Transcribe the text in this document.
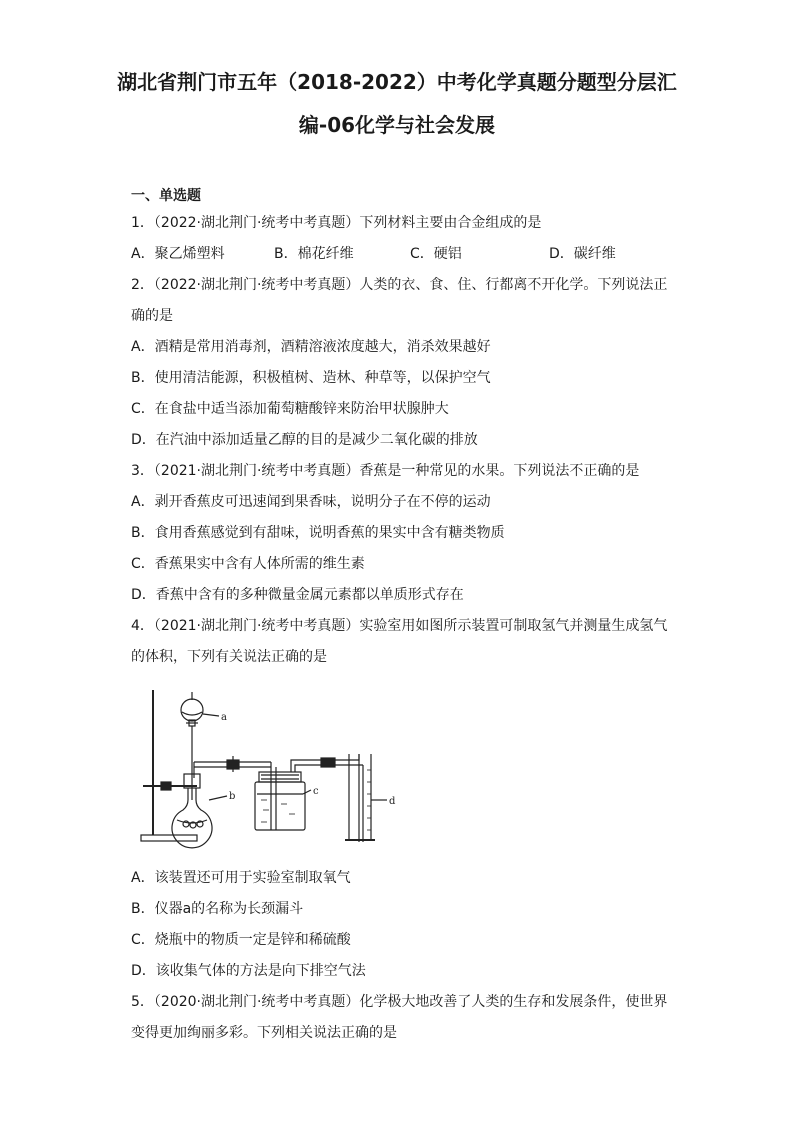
湖北省荆门市五年（2018-2022）中考化学真题分题型分层汇
编-06化学与社会发展
一、单选题
1．（2022·湖北荆门·统考中考真题）下列材料主要由合金组成的是
A．聚乙烯塑料	B．棉花纤维	C．硬铝	D．碳纤维
2．（2022·湖北荆门·统考中考真题）人类的衣、食、住、行都离不开化学。下列说法正
确的是
A．酒精是常用消毒剂，酒精溶液浓度越大，消杀效果越好
B．使用清洁能源，积极植树、造林、种草等，以保护空气
C．在食盐中适当添加葡萄糖酸锌来防治甲状腺肿大
D．在汽油中添加适量乙醇的目的是减少二氧化碳的排放
3．（2021·湖北荆门·统考中考真题）香蕉是一种常见的水果。下列说法不正确的是
A．剥开香蕉皮可迅速闻到果香味，说明分子在不停的运动
B．食用香蕉感觉到有甜味，说明香蕉的果实中含有糖类物质
C．香蕉果实中含有人体所需的维生素
D．香蕉中含有的多种微量金属元素都以单质形式存在
4．（2021·湖北荆门·统考中考真题）实验室用如图所示装置可制取氢气并测量生成氢气
的体积，下列有关说法正确的是
a
b	c
d
A．该装置还可用于实验室制取氧气
B．仪器a的名称为长颈漏斗
C．烧瓶中的物质一定是锌和稀硫酸
D．该收集气体的方法是向下排空气法
5．（2020·湖北荆门·统考中考真题）化学极大地改善了人类的生存和发展条件，使世界
变得更加绚丽多彩。下列相关说法正确的是
